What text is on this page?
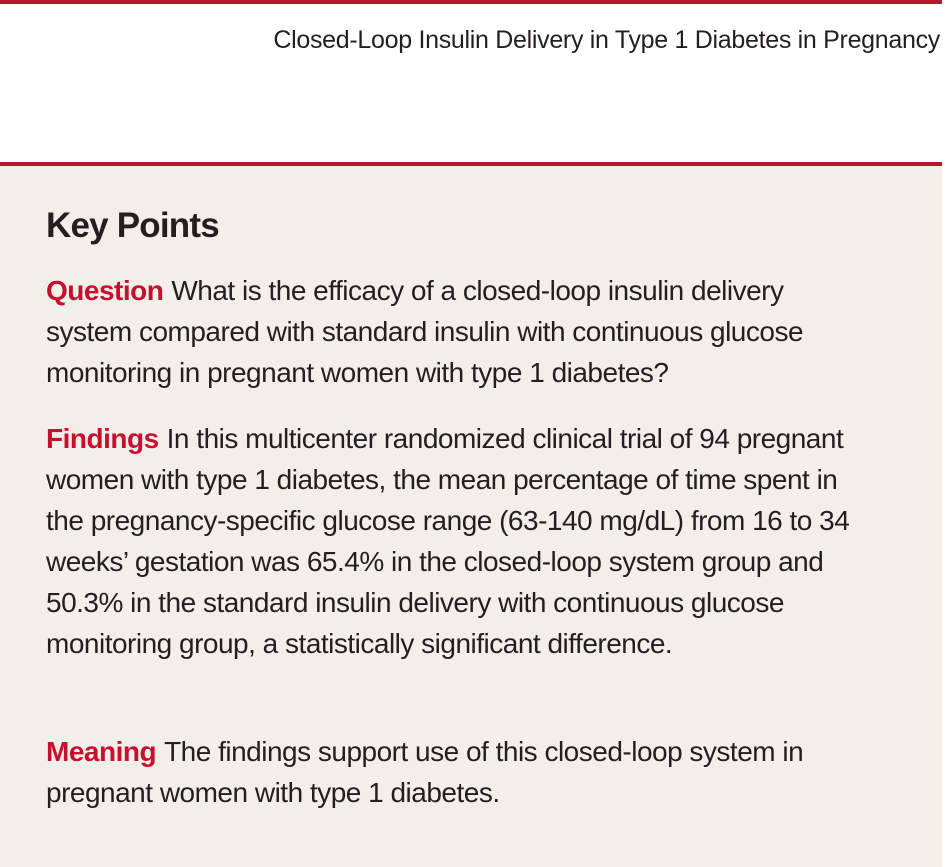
Closed-Loop Insulin Delivery in Type 1 Diabetes in Pregnancy
Key Points

Question What is the efficacy of a closed-loop insulin delivery system compared with standard insulin with continuous glucose monitoring in pregnant women with type 1 diabetes?

Findings In this multicenter randomized clinical trial of 94 pregnant women with type 1 diabetes, the mean percentage of time spent in the pregnancy-specific glucose range (63-140 mg/dL) from 16 to 34 weeks’ gestation was 65.4% in the closed-loop system group and 50.3% in the standard insulin delivery with continuous glucose monitoring group, a statistically significant difference.

Meaning The findings support use of this closed-loop system in pregnant women with type 1 diabetes.
